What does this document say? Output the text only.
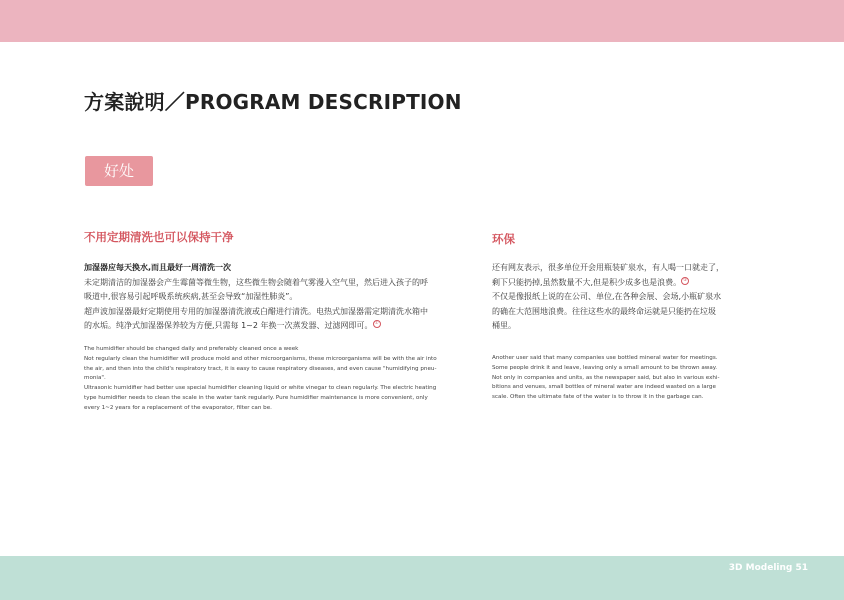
方案說明／PROGRAM DESCRIPTION
好处
不用定期清洗也可以保持干净	环保
加湿器应每天换水,而且最好一周清洗一次

未定期清洁的加湿器会产生霉菌等微生物，这些微生物会随着气雾漫入空气里，然后进入孩子的呼

吸道中,很容易引起呼吸系统疾病,甚至会导致“加湿性肺炎”。

超声波加湿器最好定期使用专用的加湿器清洗液或白醋进行清洗。电热式加湿器需定期清洗水箱中

的水垢。纯净式加湿器保养较为方便,只需每 1~2 年换一次蒸发器、过滤网即可。 ①

The humidifier should be changed daily and preferably cleaned once a week

Not regularly clean the humidifier will produce mold and other microorganisms, these microorganisms will be with the air into

the air, and then into the child's respiratory tract, it is easy to cause respiratory diseases, and even cause "humidifying pneu-

monia".

Ultrasonic humidifier had better use special humidifier cleaning liquid or white vinegar to clean regularly. The electric heating

type humidifier needs to clean the scale in the water tank regularly. Pure humidifier maintenance is more convenient, only

every 1~2 years for a replacement of the evaporator, filter can be.

还有网友表示，很多单位开会用瓶装矿泉水，有人喝一口就走了，

剩下只能扔掉,虽然数量不大,但是积少成多也是浪费。 ②

不仅是像报纸上说的在公司、单位,在各种会展、会场,小瓶矿泉水

的确在大范围地浪费。往往这些水的最终命运就是只能扔在垃圾

桶里。

Another user said that many companies use bottled mineral water for meetings.

Some people drink it and leave, leaving only a small amount to be thrown away.

Not only in companies and units, as the newspaper said, but also in various exhi-

bitions and venues, small bottles of mineral water are indeed wasted on a large

scale. Often the ultimate fate of the water is to throw it in the garbage can.

3D Modeling 51
